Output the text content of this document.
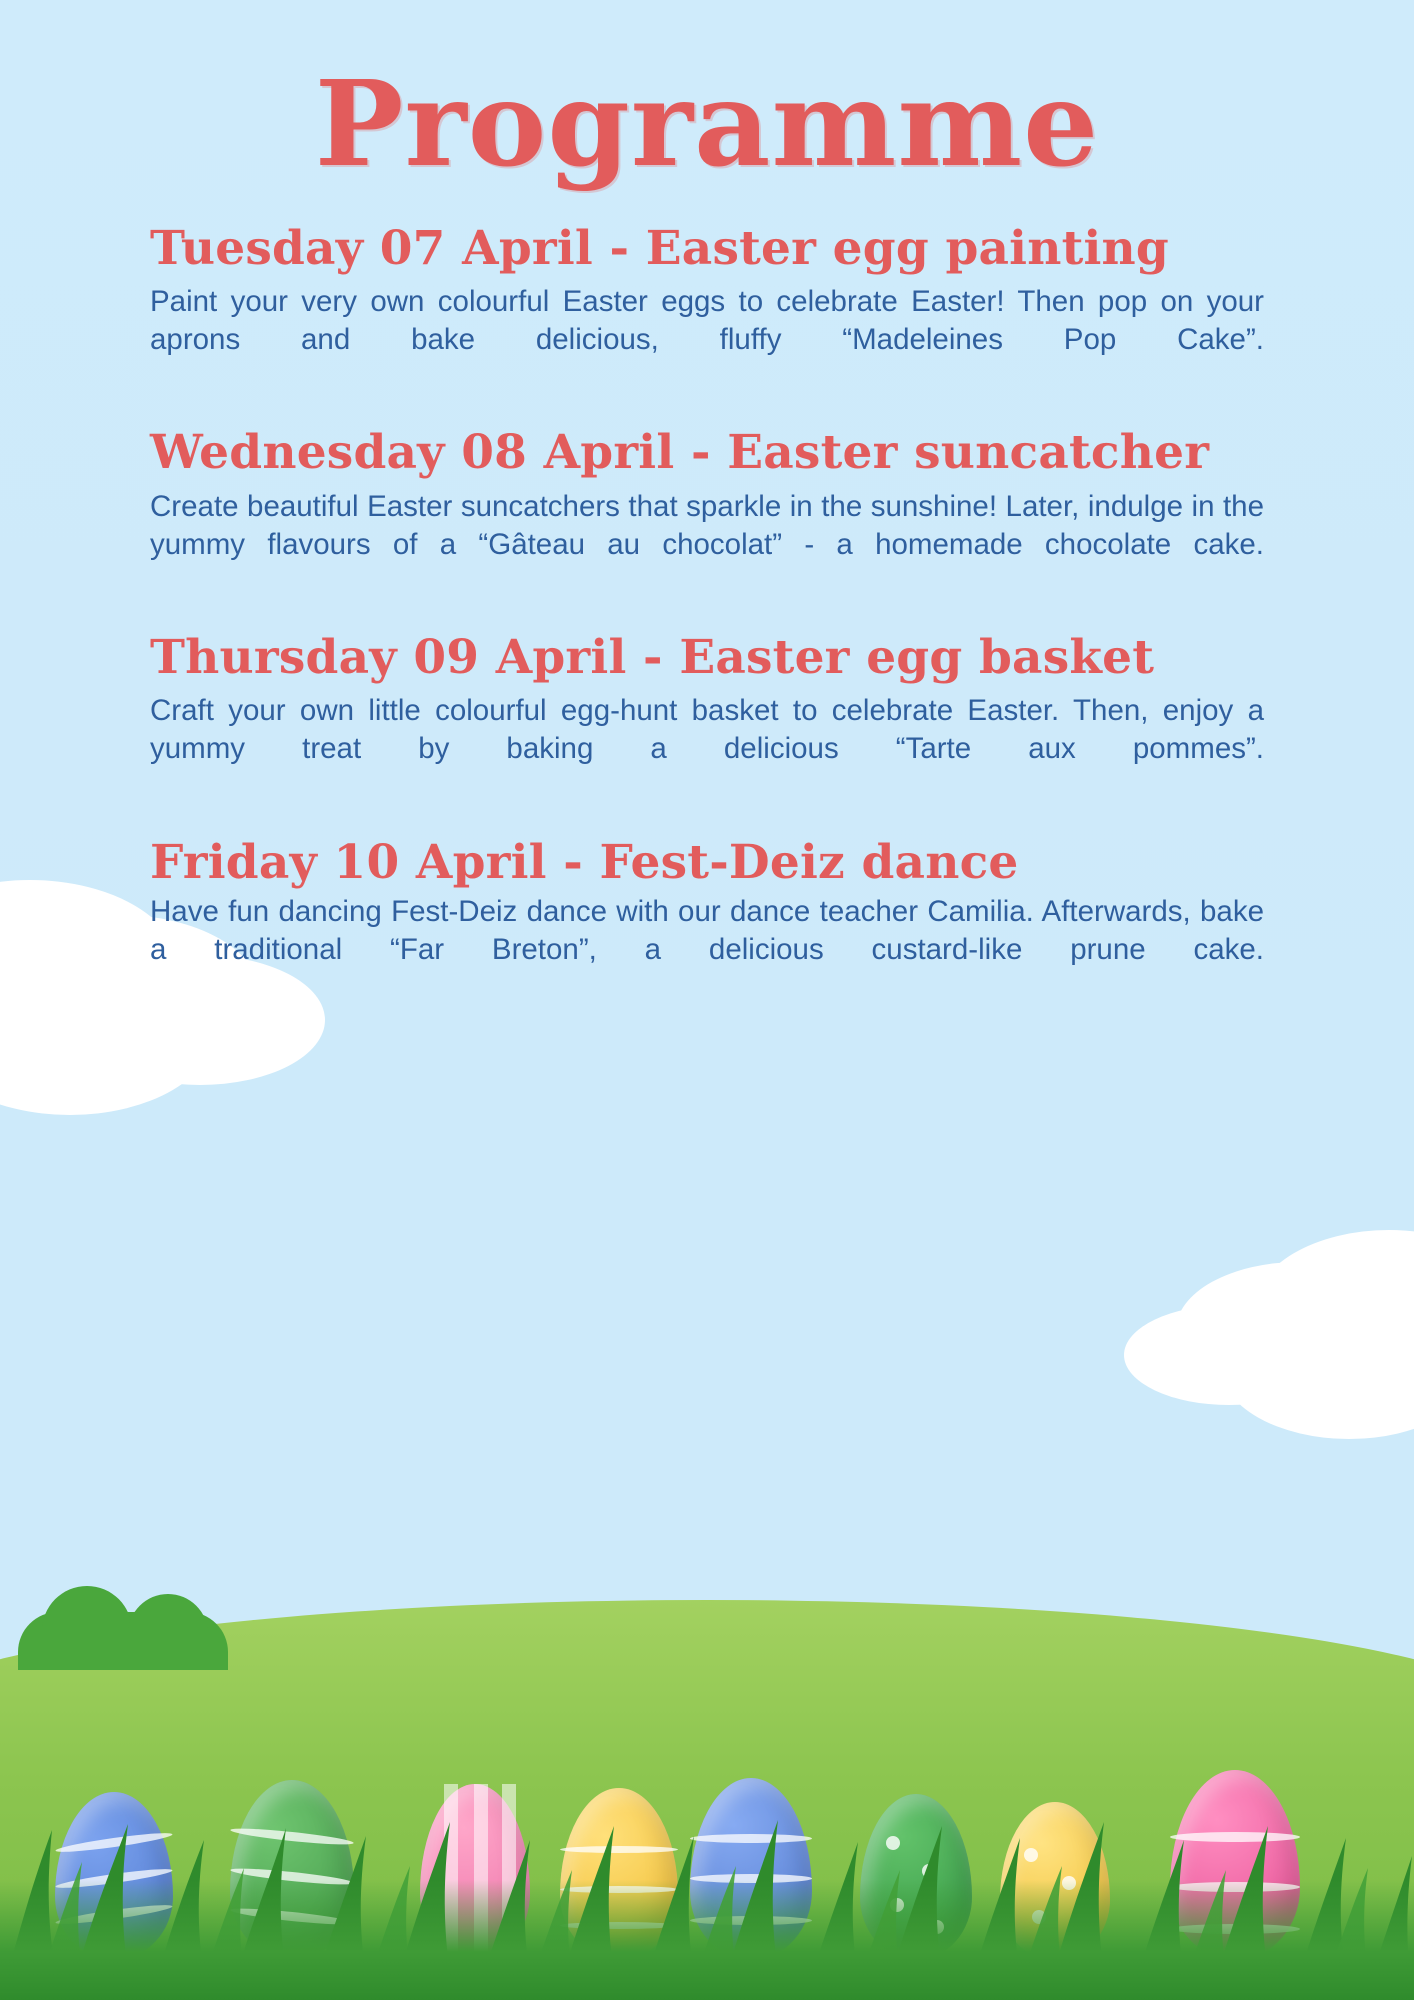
Programme
Tuesday 07 April - Easter egg painting

Paint your very own colourful Easter eggs to celebrate Easter! Then pop on your aprons and bake delicious, fluffy “Madeleines Pop Cake”.

Wednesday 08 April - Easter suncatcher

Create beautiful Easter suncatchers that sparkle in the sunshine! Later, indulge in the yummy flavours of a “Gâteau au chocolat” - a homemade chocolate cake.

Thursday 09 April - Easter egg basket

Craft your own little colourful egg-hunt basket to celebrate Easter. Then, enjoy a yummy treat by baking a delicious “Tarte aux pommes”.

Friday 10 April - Fest-Deiz dance

Have fun dancing Fest-Deiz dance with our dance teacher Camilia. Afterwards, bake a traditional “Far Breton”, a delicious custard-like prune cake.
